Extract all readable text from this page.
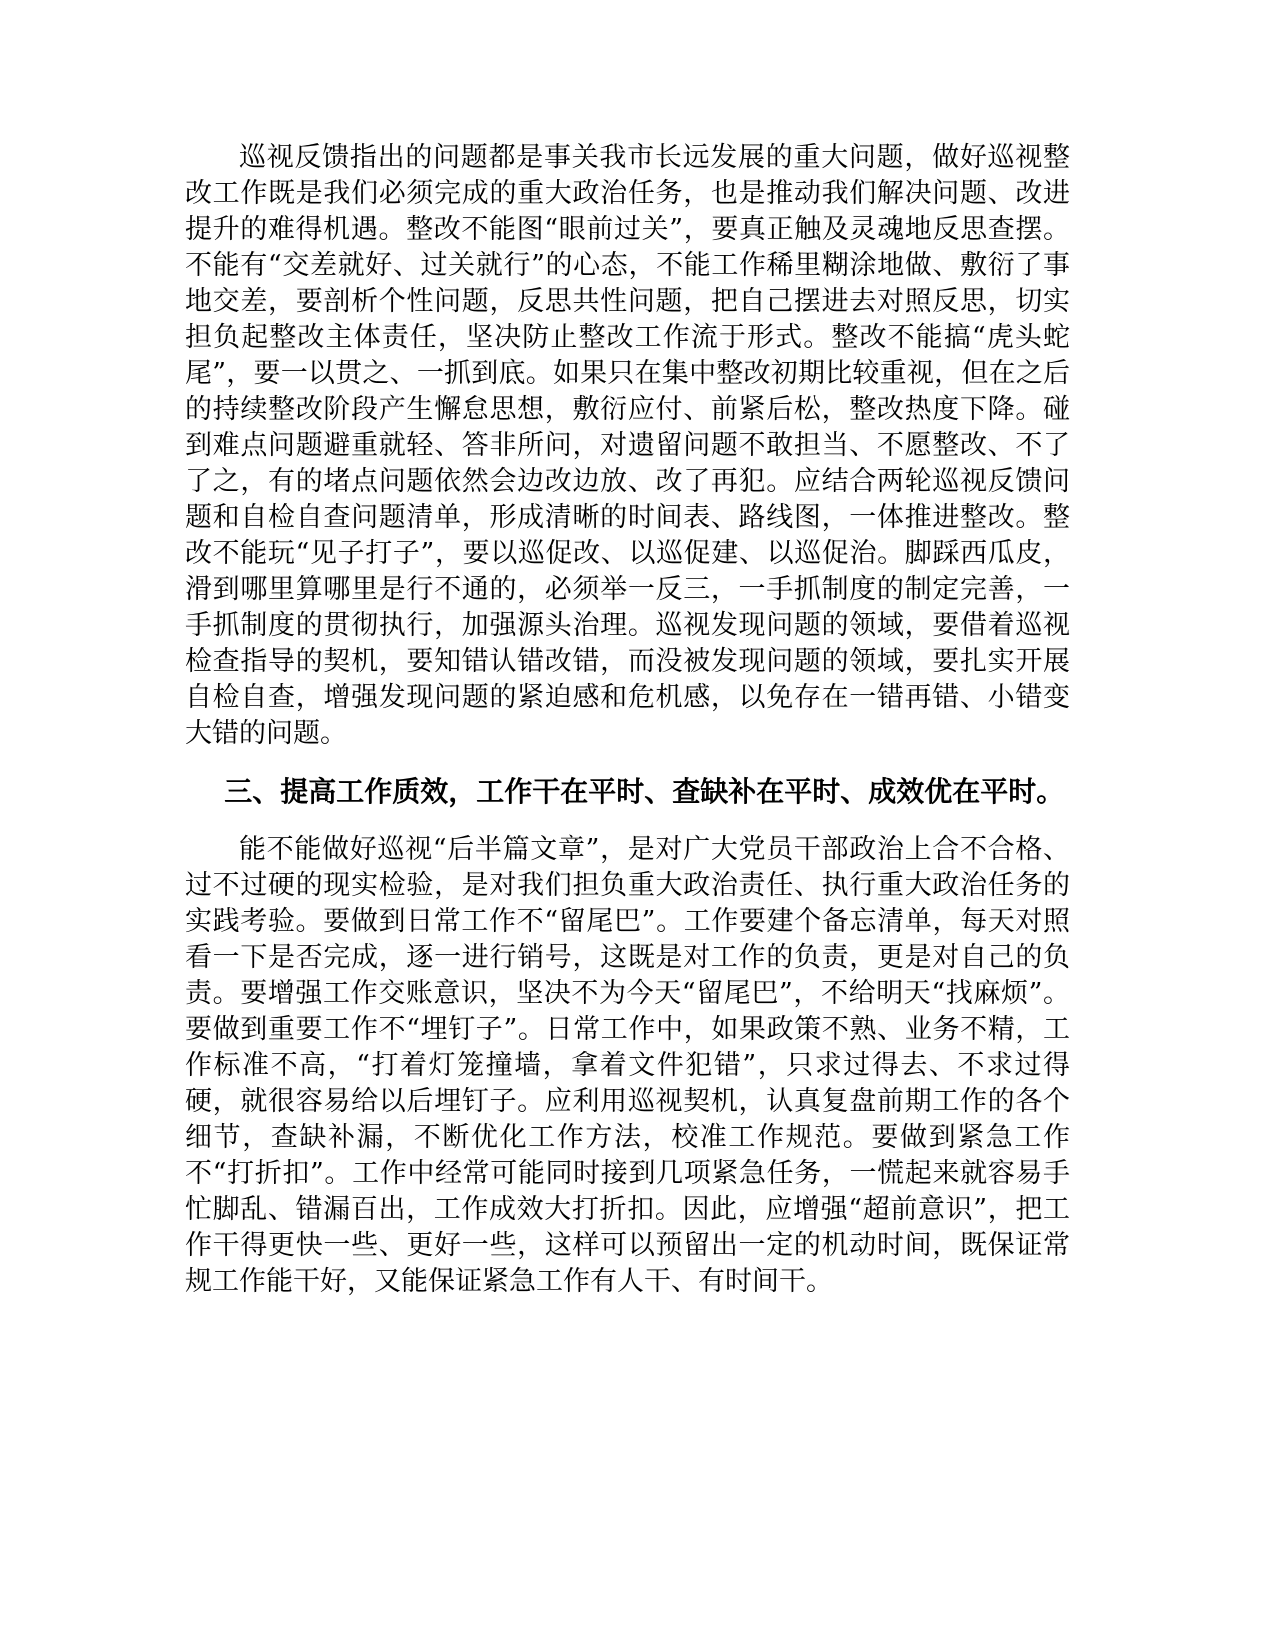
巡视反馈指出的问题都是事关我市长远发展的重大问题，做好巡视整改工作既是我们必须完成的重大政治任务，也是推动我们解决问题、改进提升的难得机遇。整改不能图“眼前过关”，要真正触及灵魂地反思查摆。不能有“交差就好、过关就行”的心态，不能工作稀里糊涂地做、敷衍了事地交差，要剖析个性问题，反思共性问题，把自己摆进去对照反思，切实担负起整改主体责任，坚决防止整改工作流于形式。整改不能搞“虎头蛇尾”，要一以贯之、一抓到底。如果只在集中整改初期比较重视，但在之后的持续整改阶段产生懈怠思想，敷衍应付、前紧后松，整改热度下降。碰到难点问题避重就轻、答非所问，对遗留问题不敢担当、不愿整改、不了了之，有的堵点问题依然会边改边放、改了再犯。应结合两轮巡视反馈问题和自检自查问题清单，形成清晰的时间表、路线图，一体推进整改。整改不能玩“见子打子”，要以巡促改、以巡促建、以巡促治。脚踩西瓜皮，滑到哪里算哪里是行不通的，必须举一反三，一手抓制度的制定完善，一手抓制度的贯彻执行，加强源头治理。巡视发现问题的领域，要借着巡视检查指导的契机，要知错认错改错，而没被发现问题的领域，要扎实开展自检自查，增强发现问题的紧迫感和危机感，以免存在一错再错、小错变大错的问题。

三、提高工作质效，工作干在平时、查缺补在平时、成效优在平时。

能不能做好巡视“后半篇文章”，是对广大党员干部政治上合不合格、过不过硬的现实检验，是对我们担负重大政治责任、执行重大政治任务的实践考验。要做到日常工作不“留尾巴”。工作要建个备忘清单，每天对照看一下是否完成，逐一进行销号，这既是对工作的负责，更是对自己的负责。要增强工作交账意识，坚决不为今天“留尾巴”，不给明天“找麻烦”。要做到重要工作不“埋钉子”。日常工作中，如果政策不熟、业务不精，工作标准不高，“打着灯笼撞墙，拿着文件犯错”，只求过得去、不求过得硬，就很容易给以后埋钉子。应利用巡视契机，认真复盘前期工作的各个细节，查缺补漏，不断优化工作方法，校准工作规范。要做到紧急工作不“打折扣”。工作中经常可能同时接到几项紧急任务，一慌起来就容易手忙脚乱、错漏百出，工作成效大打折扣。因此，应增强“超前意识”，把工作干得更快一些、更好一些，这样可以预留出一定的机动时间，既保证常规工作能干好，又能保证紧急工作有人干、有时间干。
